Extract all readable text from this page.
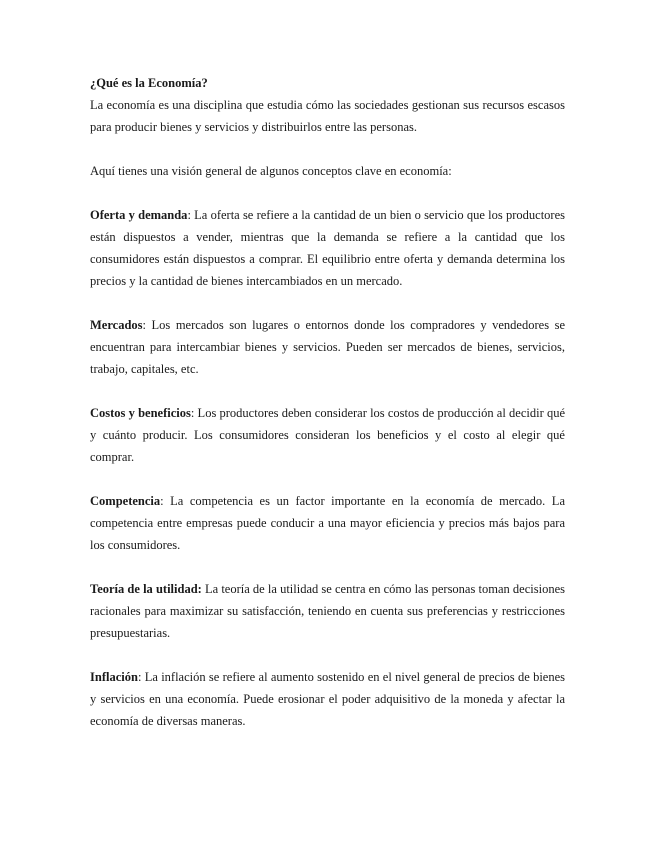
¿Qué es la Economía?

La economía es una disciplina que estudia cómo las sociedades gestionan sus recursos escasos para producir bienes y servicios y distribuirlos entre las personas.

Aquí tienes una visión general de algunos conceptos clave en economía:

Oferta y demanda: La oferta se refiere a la cantidad de un bien o servicio que los productores están dispuestos a vender, mientras que la demanda se refiere a la cantidad que los consumidores están dispuestos a comprar. El equilibrio entre oferta y demanda determina los precios y la cantidad de bienes intercambiados en un mercado.

Mercados: Los mercados son lugares o entornos donde los compradores y vendedores se encuentran para intercambiar bienes y servicios. Pueden ser mercados de bienes, servicios, trabajo, capitales, etc.

Costos y beneficios: Los productores deben considerar los costos de producción al decidir qué y cuánto producir. Los consumidores consideran los beneficios y el costo al elegir qué comprar.

Competencia: La competencia es un factor importante en la economía de mercado. La competencia entre empresas puede conducir a una mayor eficiencia y precios más bajos para los consumidores.

Teoría de la utilidad: La teoría de la utilidad se centra en cómo las personas toman decisiones racionales para maximizar su satisfacción, teniendo en cuenta sus preferencias y restricciones presupuestarias.

Inflación: La inflación se refiere al aumento sostenido en el nivel general de precios de bienes y servicios en una economía. Puede erosionar el poder adquisitivo de la moneda y afectar la economía de diversas maneras.
